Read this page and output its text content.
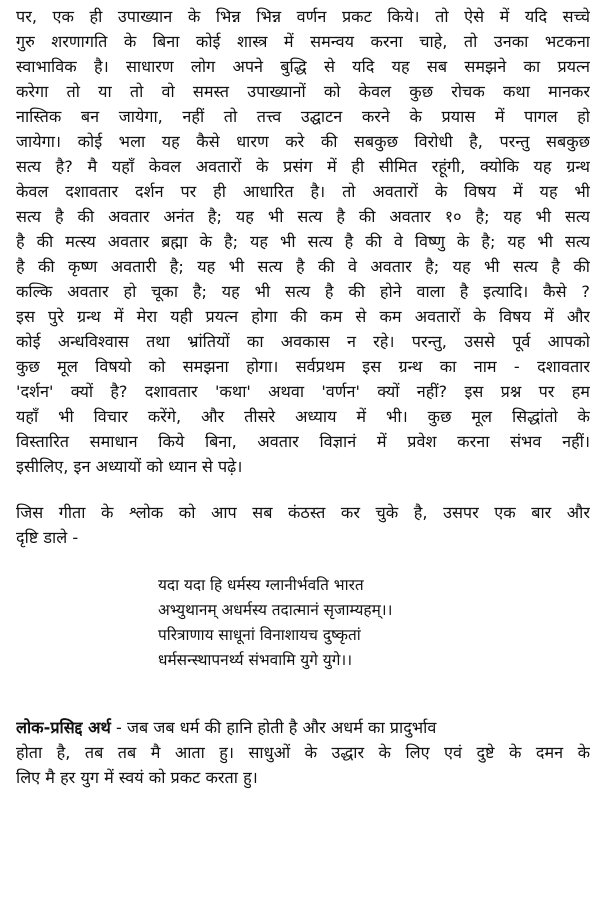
पर, एक ही उपाख्यान के भिन्न भिन्न वर्णन प्रकट किये। तो ऐसे में यदि सच्चे
गुरु शरणागति के बिना कोई शास्त्र में समन्वय करना चाहे, तो उनका भटकना
स्वाभाविक है। साधारण लोग अपने बुद्धि से यदि यह सब समझने का प्रयत्न
करेगा तो या तो वो समस्त उपाख्यानों को केवल कुछ रोचक कथा मानकर
नास्तिक बन जायेगा, नहीं तो तत्त्व उद्घाटन करने के प्रयास में पागल हो
जायेगा। कोई भला यह कैसे धारण करे की सबकुछ विरोधी है, परन्तु सबकुछ
सत्य है? मै यहाँ केवल अवतारों के प्रसंग में ही सीमित रहूंगी, क्योकि यह ग्रन्थ
केवल दशावतार दर्शन पर ही आधारित है। तो अवतारों के विषय में यह भी
सत्य है की अवतार अनंत है; यह भी सत्य है की अवतार १० है; यह भी सत्य
है की मत्स्य अवतार ब्रह्मा के है; यह भी सत्य है की वे विष्णु के है; यह भी सत्य
है की कृष्ण अवतारी है; यह भी सत्य है की वे अवतार है; यह भी सत्य है की
कल्कि अवतार हो चूका है; यह भी सत्य है की होने वाला है इत्यादि। कैसे ?
इस पुरे ग्रन्थ में मेरा यही प्रयत्न होगा की कम से कम अवतारों के विषय में और
कोई अन्धविश्वास तथा भ्रांतियों का अवकास न रहे। परन्तु, उससे पूर्व आपको
कुछ मूल विषयो को समझना होगा। सर्वप्रथम इस ग्रन्थ का नाम - दशावतार
'दर्शन' क्यों है? दशावतार 'कथा' अथवा 'वर्णन' क्यों नहीं? इस प्रश्न पर हम
यहाँ भी विचार करेंगे, और तीसरे अध्याय में भी। कुछ मूल सिद्धांतो के
विस्तारित समाधान किये बिना, अवतार विज्ञानं में प्रवेश करना संभव नहीं।
इसीलिए, इन अध्यायों को ध्यान से पढ़े।
जिस गीता के श्लोक को आप सब कंठस्त कर चुके है, उसपर एक बार और
दृष्टि डाले -
यदा यदा हि धर्मस्य ग्लानीर्भवति भारत
अभ्युथानम् अधर्मस्य तदात्मानं सृजाम्यहम्।।
परित्राणाय साधूनां विनाशायच दुष्कृतां
धर्मसन्स्थापनर्थ्य संभवामि युगे युगे।।
लोक-प्रसिद्द अर्थ - जब जब धर्म की हानि होती है और अधर्म का प्रादुर्भाव
होता है, तब तब मै आता हु। साधुओं के उद्धार के लिए एवं दुष्टे के दमन के
लिए मै हर युग में स्वयं को प्रकट करता हु।
